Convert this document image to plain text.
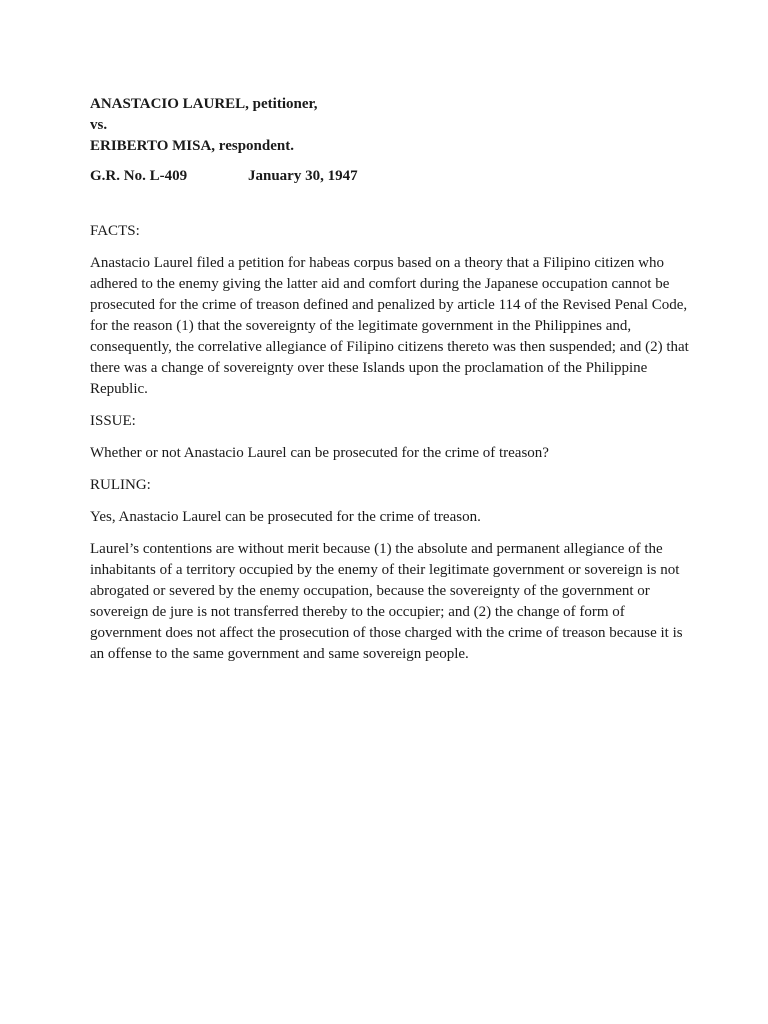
ANASTACIO LAUREL, petitioner,
vs.
ERIBERTO MISA, respondent.
G.R. No. L-409	January 30, 1947
FACTS:
Anastacio Laurel filed a petition for habeas corpus based on a theory that a Filipino citizen who adhered to the enemy giving the latter aid and comfort during the Japanese occupation cannot be prosecuted for the crime of treason defined and penalized by article 114 of the Revised Penal Code, for the reason (1) that the sovereignty of the legitimate government in the Philippines and, consequently, the correlative allegiance of Filipino citizens thereto was then suspended; and (2) that there was a change of sovereignty over these Islands upon the proclamation of the Philippine Republic.
ISSUE:
Whether or not Anastacio Laurel can be prosecuted for the crime of treason?
RULING:
Yes, Anastacio Laurel can be prosecuted for the crime of treason.
Laurel’s contentions are without merit because (1) the absolute and permanent allegiance of the inhabitants of a territory occupied by the enemy of their legitimate government or sovereign is not abrogated or severed by the enemy occupation, because the sovereignty of the government or sovereign de jure is not transferred thereby to the occupier; and (2) the change of form of government does not affect the prosecution of those charged with the crime of treason because it is an offense to the same government and same sovereign people.
